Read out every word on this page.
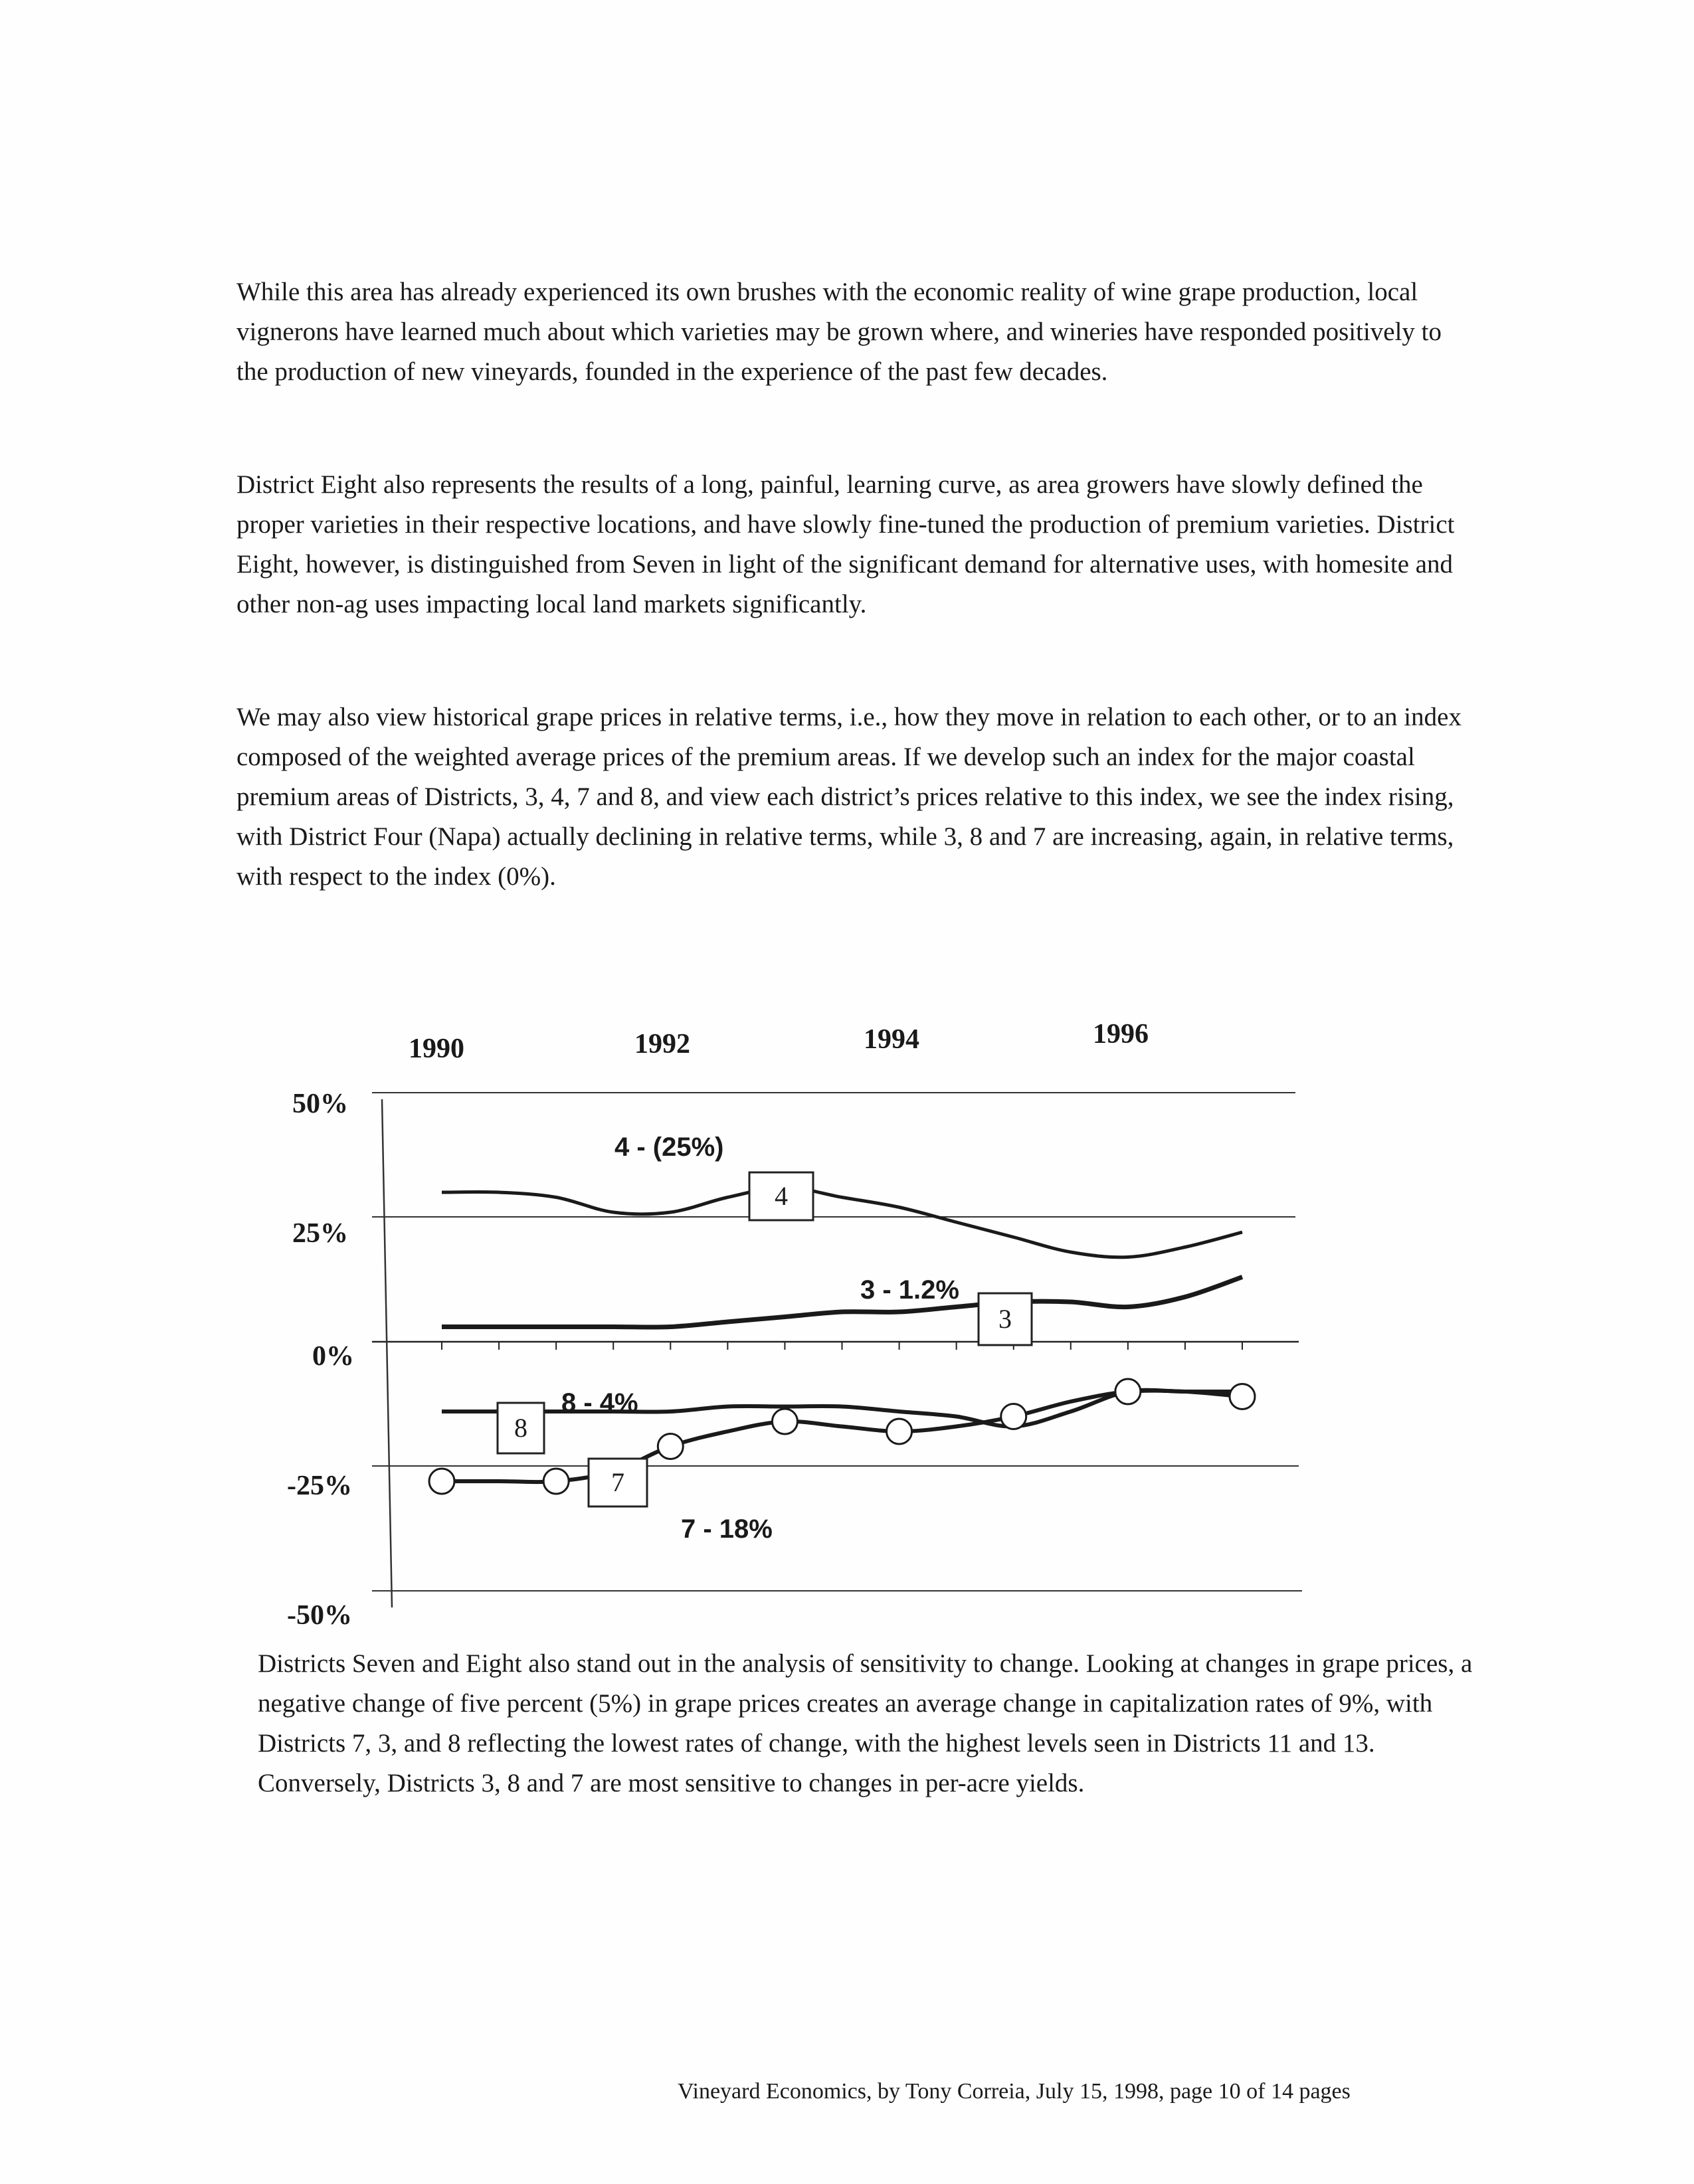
While this area has already experienced its own brushes with the economic reality of wine grape production, local vignerons have learned much about which varieties may be grown where, and wineries have responded positively to the production of new vineyards, founded in the experience of the past few decades.

District Eight also represents the results of a long, painful, learning curve, as area growers have slowly defined the proper varieties in their respective locations, and have slowly fine-tuned the production of premium varieties. District Eight, however, is distinguished from Seven in light of the significant demand for alternative uses, with homesite and other non-ag uses impacting local land markets significantly.

We may also view historical grape prices in relative terms, i.e., how they move in relation to each other, or to an index composed of the weighted average prices of the premium areas. If we develop such an index for the major coastal premium areas of Districts, 3, 4, 7 and 8, and view each district’s prices relative to this index, we see the index rising, with District Four (Napa) actually declining in relative terms, while 3, 8 and 7 are increasing, again, in relative terms, with respect to the index (0%).

1990	1992	1994	1996
50%
25%
0%
-25%
-50%
4 - (25%)
3 - 1.2%
8 - 4%
7 - 18%
4
3
8
7

Districts Seven and Eight also stand out in the analysis of sensitivity to change. Looking at changes in grape prices, a negative change of five percent (5%) in grape prices creates an average change in capitalization rates of 9%, with Districts 7, 3, and 8 reflecting the lowest rates of change, with the highest levels seen in Districts 11 and 13. Conversely, Districts 3, 8 and 7 are most sensitive to changes in per-acre yields.

Vineyard Economics, by Tony Correia, July 15, 1998, page 10 of 14 pages
